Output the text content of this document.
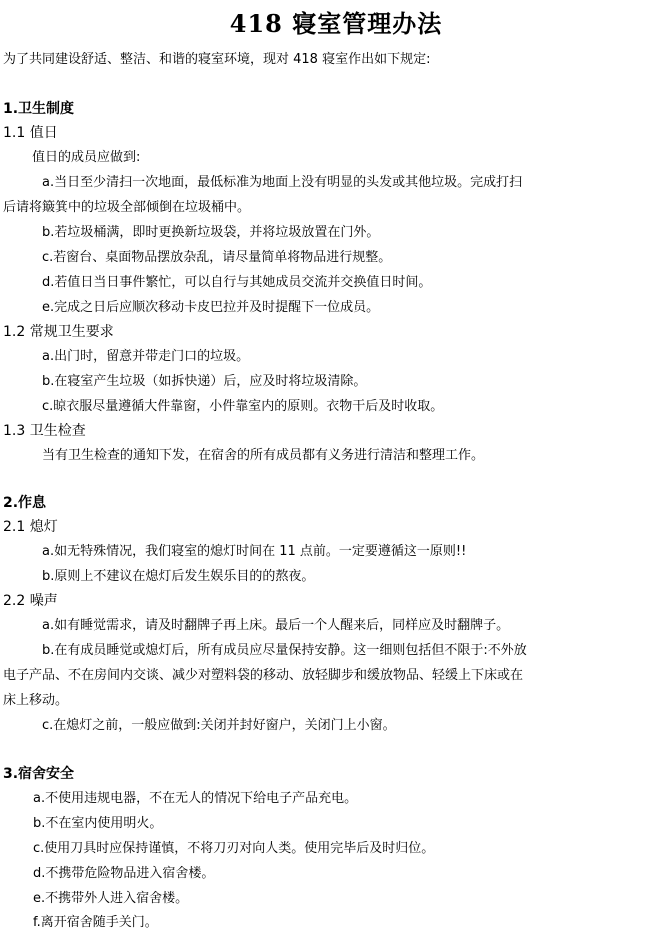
418 寝室管理办法
为了共同建设舒适、整洁、和谐的寝室环境，现对 418 寝室作出如下规定:
1.卫生制度
1.1 值日
值日的成员应做到:
a.当日至少清扫一次地面，最低标准为地面上没有明显的头发或其他垃圾。完成打扫
后请将簸箕中的垃圾全部倾倒在垃圾桶中。
b.若垃圾桶满，即时更换新垃圾袋，并将垃圾放置在门外。
c.若窗台、桌面物品摆放杂乱，请尽量简单将物品进行规整。
d.若值日当日事件繁忙，可以自行与其她成员交流并交换值日时间。
e.完成之日后应顺次移动卡皮巴拉并及时提醒下一位成员。
1.2 常规卫生要求
a.出门时，留意并带走门口的垃圾。
b.在寝室产生垃圾（如拆快递）后，应及时将垃圾清除。
c.晾衣服尽量遵循大件靠窗，小件靠室内的原则。衣物干后及时收取。
1.3 卫生检查
当有卫生检查的通知下发，在宿舍的所有成员都有义务进行清洁和整理工作。
2.作息
2.1 熄灯
a.如无特殊情况，我们寝室的熄灯时间在 11 点前。一定要遵循这一原则!!
b.原则上不建议在熄灯后发生娱乐目的的熬夜。
2.2 噪声
a.如有睡觉需求，请及时翻牌子再上床。最后一个人醒来后，同样应及时翻牌子。
b.在有成员睡觉或熄灯后，所有成员应尽量保持安静。这一细则包括但不限于:不外放
电子产品、不在房间内交谈、减少对塑料袋的移动、放轻脚步和缓放物品、轻缓上下床或在
床上移动。
c.在熄灯之前，一般应做到:关闭并封好窗户，关闭门上小窗。
3.宿舍安全
a.不使用违规电器，不在无人的情况下给电子产品充电。
b.不在室内使用明火。
c.使用刀具时应保持谨慎，不将刀刃对向人类。使用完毕后及时归位。
d.不携带危险物品进入宿舍楼。
e.不携带外人进入宿舍楼。
f.离开宿舍随手关门。
